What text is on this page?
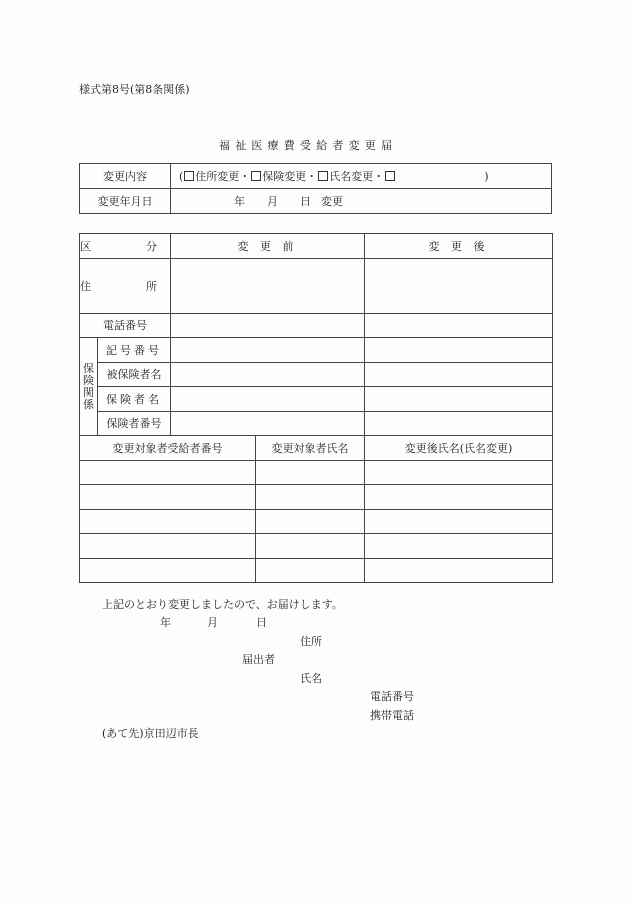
様式第8号(第8条関係)
福祉医療費受給者変更届
変更内容	( 住所変更・ 保険変更・ 氏名変更・ )
変更年月日	年 月 日 変更
区　分		変 更 前		変 更 後
住　所				
電話番号				
保険関係	記号番号			
	被保険者名			
	保険者名			
	保険者番号			
変更対象者受給者番号			変更対象者氏名	変更後氏名(氏名変更)

上記のとおり変更しましたので、お届けします。
年	月	日
住所
届出者
氏名
電話番号
携帯電話
(あて先)京田辺市長
